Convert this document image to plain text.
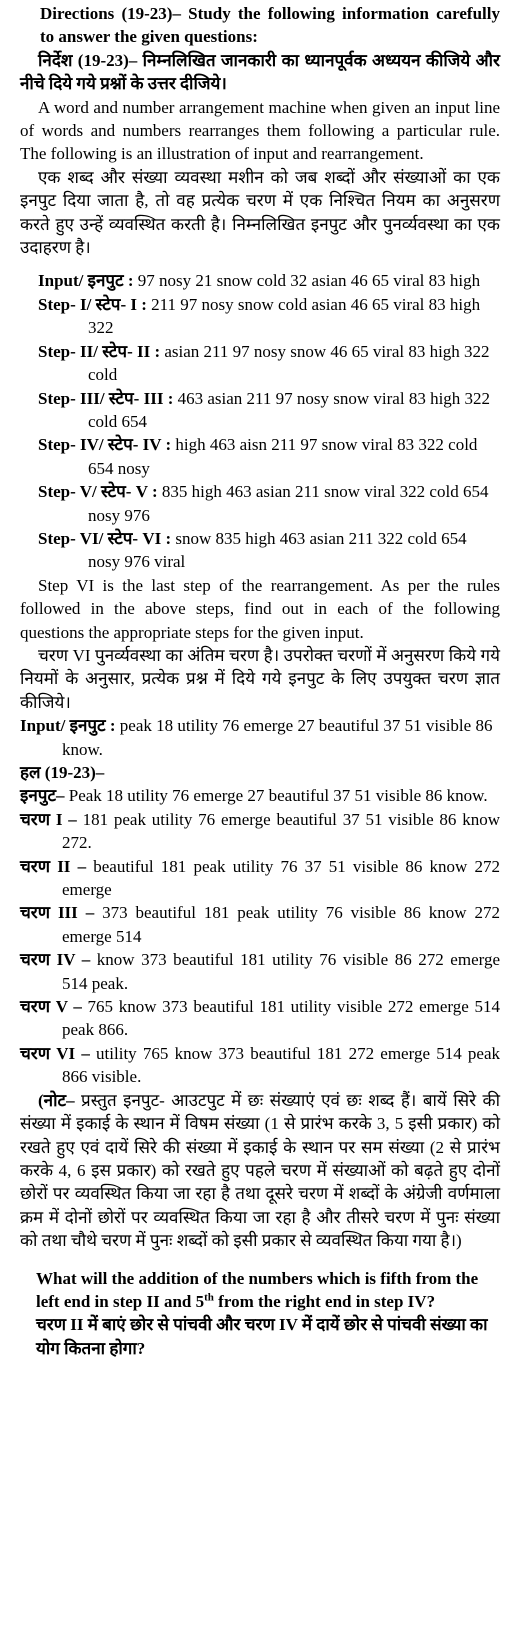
Directions (19-23)– Study the following information carefully to answer the given questions:

निर्देश (19-23)– निम्नलिखित जानकारी का ध्यानपूर्वक अध्ययन कीजिये और नीचे दिये गये प्रश्नों के उत्तर दीजिये।

A word and number arrangement machine when given an input line of words and numbers rearranges them following a particular rule. The following is an illustration of input and rearrangement.

एक शब्द और संख्या व्यवस्था मशीन को जब शब्दों और संख्याओं का एक इनपुट दिया जाता है, तो वह प्रत्येक चरण में एक निश्चित नियम का अनुसरण करते हुए उन्हें व्यवस्थित करती है। निम्नलिखित इनपुट और पुनर्व्यवस्था का एक उदाहरण है।

Input/ इनपुट : 97 nosy 21 snow cold 32 asian 46 65 viral 83 high

Step- I/ स्टेप- I : 211 97 nosy snow cold asian 46 65 viral 83 high 322

Step- II/ स्टेप- II : asian 211 97 nosy snow 46 65 viral 83 high 322 cold

Step- III/ स्टेप- III : 463 asian 211 97 nosy snow viral 83 high 322 cold 654

Step- IV/ स्टेप- IV : high 463 aisn 211 97 snow viral 83 322 cold 654 nosy

Step- V/ स्टेप- V : 835 high 463 asian 211 snow viral 322 cold 654 nosy 976

Step- VI/ स्टेप- VI : snow 835 high 463 asian 211 322 cold 654 nosy 976 viral

Step VI is the last step of the rearrangement. As per the rules followed in the above steps, find out in each of the following questions the appropriate steps for the given input.

चरण VI पुनर्व्यवस्था का अंतिम चरण है। उपरोक्त चरणों में अनुसरण किये गये नियमों के अनुसार, प्रत्येक प्रश्न में दिये गये इनपुट के लिए उपयुक्त चरण ज्ञात कीजिये।

Input/ इनपुट : peak 18 utility 76 emerge 27 beautiful 37 51 visible 86 know.

हल (19-23)–

इनपुट– Peak 18 utility 76 emerge 27 beautiful 37 51 visible 86 know.

चरण I – 181 peak utility 76 emerge beautiful 37 51 visible 86 know 272.

चरण II – beautiful 181 peak utility 76 37 51 visible 86 know 272 emerge

चरण III – 373 beautiful 181 peak utility 76 visible 86 know 272 emerge 514

चरण IV – know 373 beautiful 181 utility 76 visible 86 272 emerge 514 peak.

चरण V – 765 know 373 beautiful 181 utility visible 272 emerge 514 peak 866.

चरण VI – utility 765 know 373 beautiful 181 272 emerge 514 peak 866 visible.

(नोट– प्रस्तुत इनपुट- आउटपुट में छः संख्याएं एवं छः शब्द हैं। बायें सिरे की संख्या में इकाई के स्थान में विषम संख्या (1 से प्रारंभ करके 3, 5 इसी प्रकार) को रखते हुए एवं दायें सिरे की संख्या में इकाई के स्थान पर सम संख्या (2 से प्रारंभ करके 4, 6 इस प्रकार) को रखते हुए पहले चरण में संख्याओं को बढ़ते हुए दोनों छोरों पर व्यवस्थित किया जा रहा है तथा दूसरे चरण में शब्दों के अंग्रेजी वर्णमाला क्रम में दोनों छोरों पर व्यवस्थित किया जा रहा है और तीसरे चरण में पुनः संख्या को तथा चौथे चरण में पुनः शब्दों को इसी प्रकार से व्यवस्थित किया गया है।)

What will the addition of the numbers which is fifth from the left end in step II and 5th from the right end in step IV?

चरण II में बाएं छोर से पांचवी और चरण IV में दायें छोर से पांचवी संख्या का योग कितना होगा?
